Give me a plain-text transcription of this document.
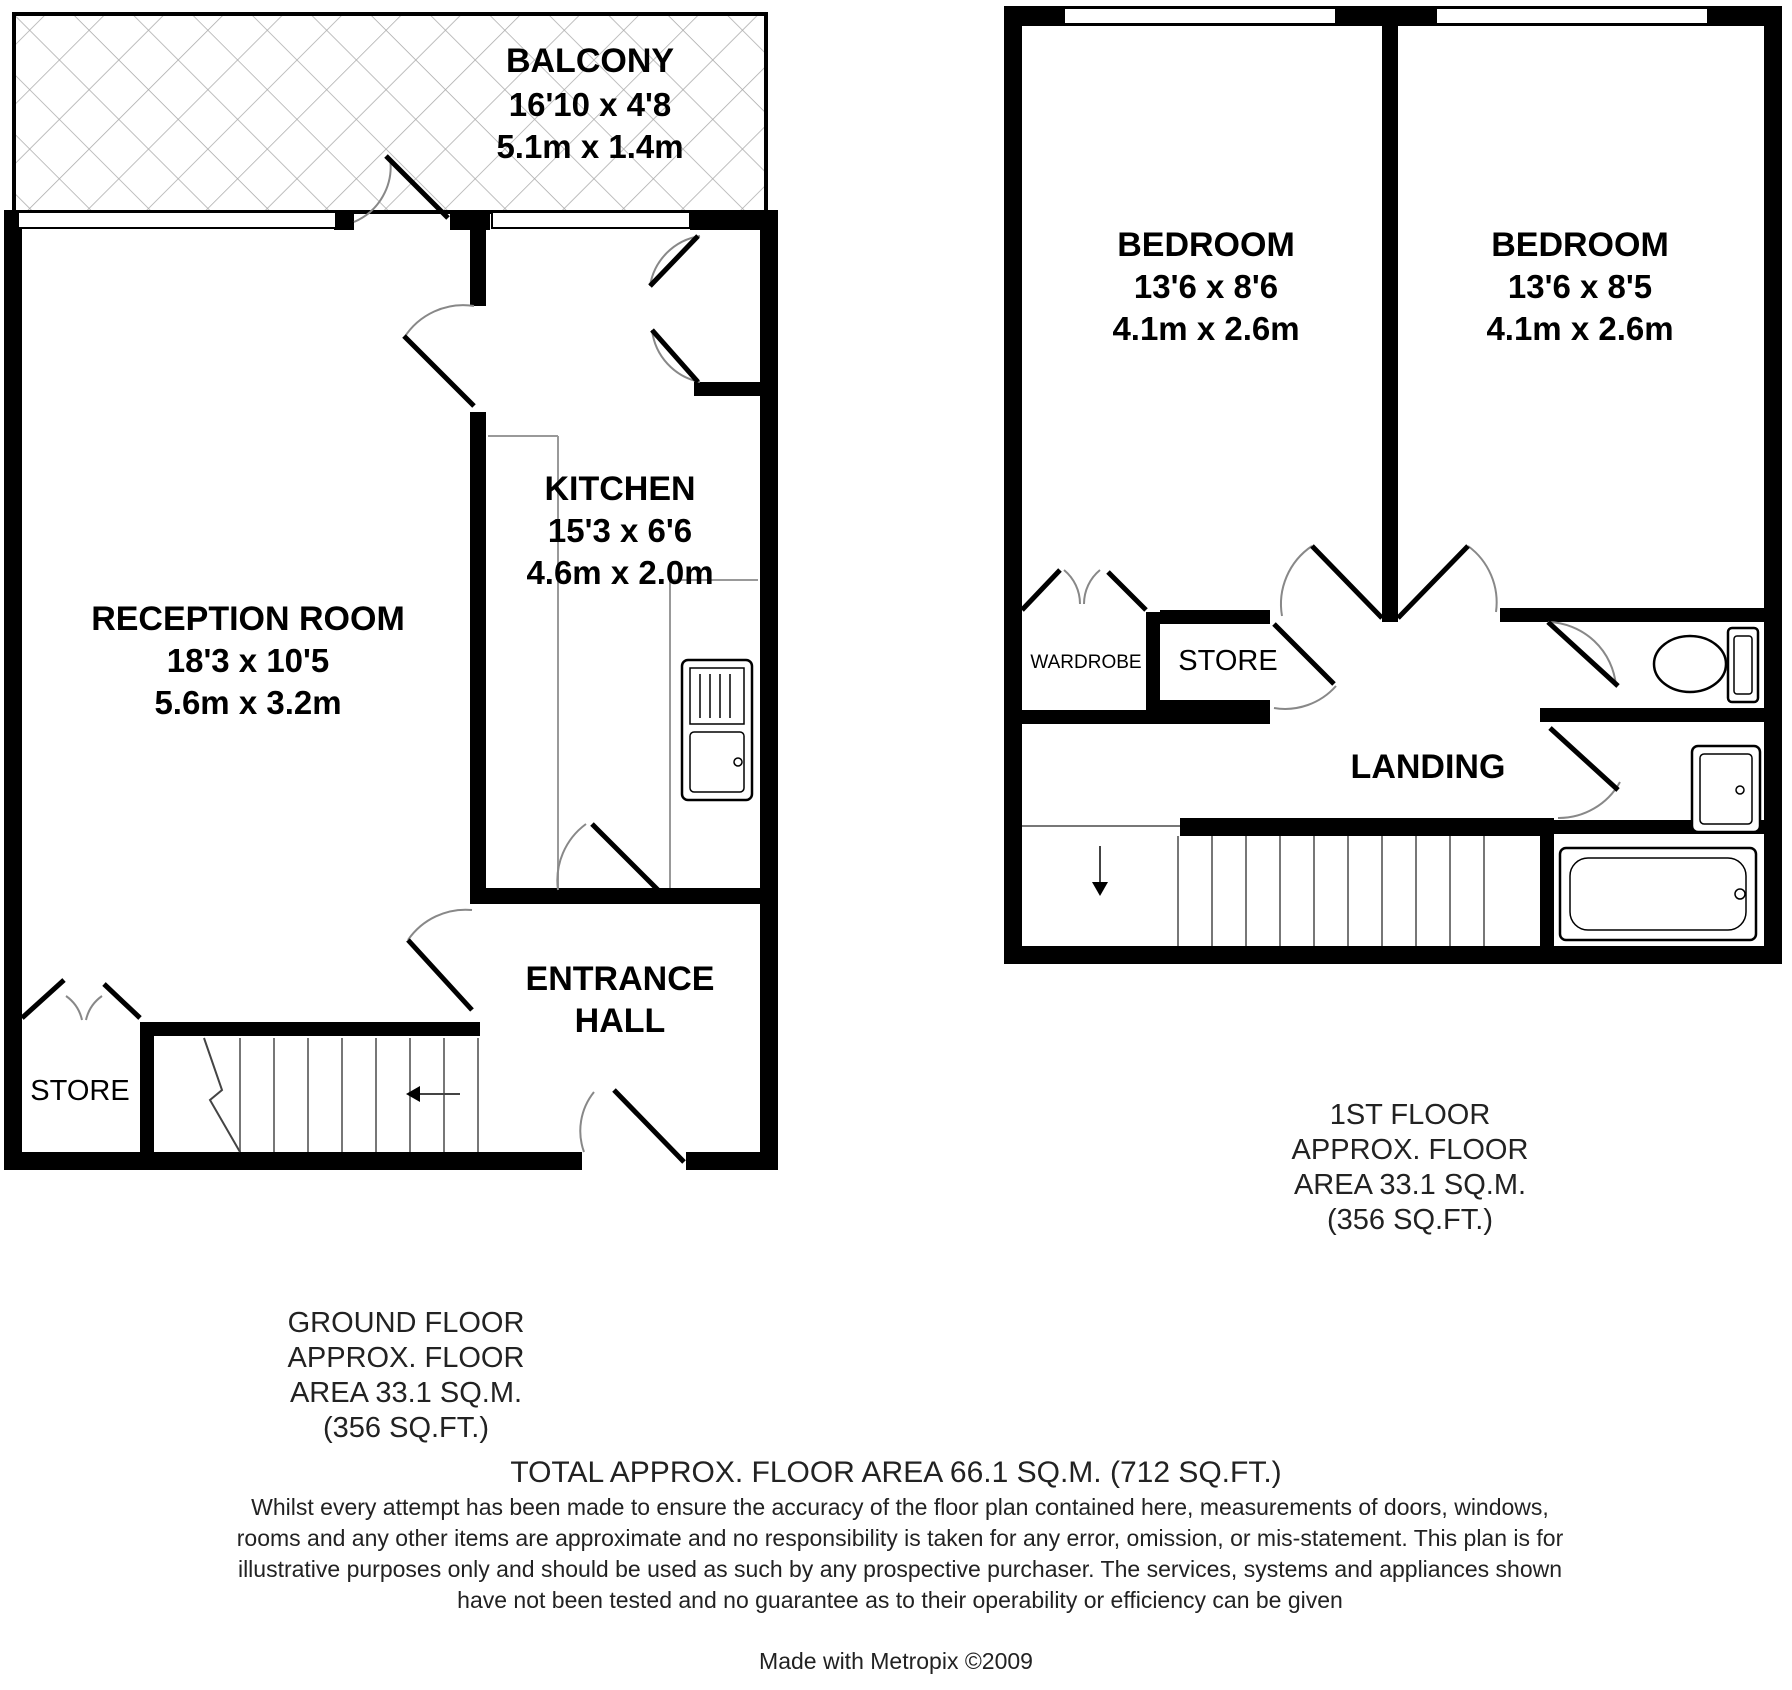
BALCONY
16'10 x 4'8
5.1m x 1.4m
RECEPTION ROOM
18'3 x 10'5
5.6m x 3.2m
KITCHEN
15'3 x 6'6
4.6m x 2.0m
ENTRANCE
HALL
STORE
BEDROOM
13'6 x 8'6
4.1m x 2.6m
BEDROOM
13'6 x 8'5
4.1m x 2.6m
WARDROBE STORE
LANDING
1ST FLOOR
APPROX. FLOOR
AREA 33.1 SQ.M.
(356 SQ.FT.)
GROUND FLOOR
APPROX. FLOOR
AREA 33.1 SQ.M.
(356 SQ.FT.)
TOTAL APPROX. FLOOR AREA 66.1 SQ.M. (712 SQ.FT.)
Whilst every attempt has been made to ensure the accuracy of the floor plan contained here, measurements of doors, windows, rooms and any other items are approximate and no responsibility is taken for any error, omission, or mis-statement. This plan is for illustrative purposes only and should be used as such by any prospective purchaser. The services, systems and appliances shown have not been tested and no guarantee as to their operability or efficiency can be given
Made with Metropix ©2009
